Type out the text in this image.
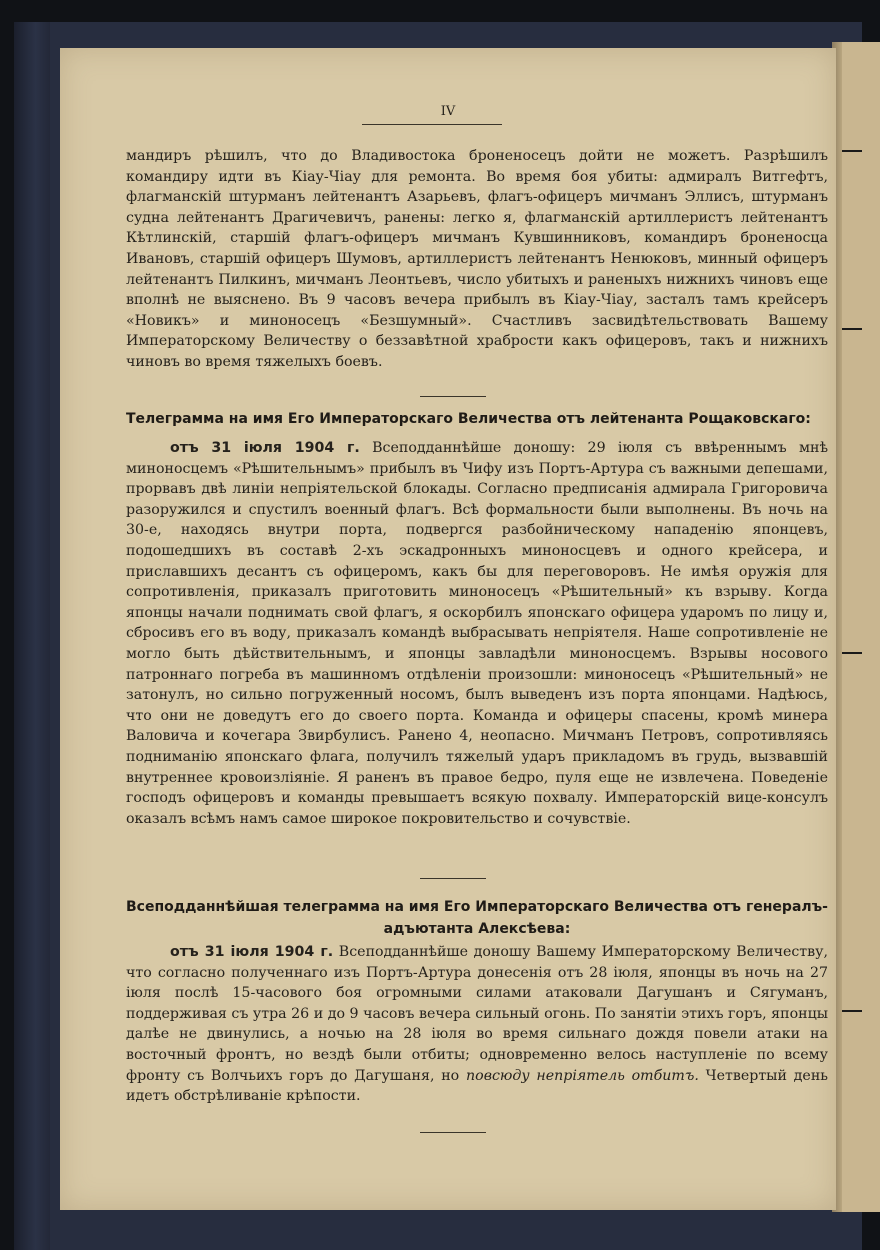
IV

мандиръ рѣшилъ, что до Владивостока броненосецъ дойти не можетъ. Разрѣшилъ командиру идти въ Кіау-Чіау для ремонта. Во время боя убиты: адмиралъ Витгефтъ, флагманскій штурманъ лейтенантъ Азарьевъ, флагъ-офицеръ мичманъ Эллисъ, штурманъ судна лейтенантъ Драгичевичъ, ранены: легко я, флагманскій артиллеристъ лейтенантъ Кѣтлинскій, старшій флагъ-офицеръ мичманъ Кувшинниковъ, командиръ броненосца Ивановъ, старшій офицеръ Шумовъ, артиллеристъ лейтенантъ Ненюковъ, минный офицеръ лейтенантъ Пилкинъ, мичманъ Леонтьевъ, число убитыхъ и раненыхъ нижнихъ чиновъ еще вполнѣ не выяснено. Въ 9 часовъ вечера прибылъ въ Кіау-Чіау, засталъ тамъ крейсеръ «Новикъ» и миноносецъ «Безшумный». Счастливъ засвидѣтельствовать Вашему Императорскому Величеству о беззавѣтной храбрости какъ офицеровъ, такъ и нижнихъ чиновъ во время тяжелыхъ боевъ.

Телеграмма на имя Его Императорскаго Величества отъ лейтенанта Рощаковскаго:

отъ 31 іюля 1904 г. Всеподданнѣйше доношу: 29 іюля съ ввѣреннымъ мнѣ миноносцемъ «Рѣшительнымъ» прибылъ въ Чифу изъ Портъ-Артура съ важными депешами, прорвавъ двѣ линіи непріятельской блокады. Согласно предписанія адмирала Григоровича разоружился и спустилъ военный флагъ. Всѣ формальности были выполнены. Въ ночь на 30-е, находясь внутри порта, подвергся разбойническому нападенію японцевъ, подошедшихъ въ составѣ 2-хъ эскадронныхъ миноносцевъ и одного крейсера, и приславшихъ десантъ съ офицеромъ, какъ бы для переговоровъ. Не имѣя оружія для сопротивленія, приказалъ приготовить миноносецъ «Рѣшительный» къ взрыву. Когда японцы начали поднимать свой флагъ, я оскорбилъ японскаго офицера ударомъ по лицу и, сбросивъ его въ воду, приказалъ командѣ выбрасывать непріятеля. Наше сопротивленіе не могло быть дѣйствительнымъ, и японцы завладѣли миноносцемъ. Взрывы носового патроннаго погреба въ машинномъ отдѣленіи произошли: миноносецъ «Рѣшительный» не затонулъ, но сильно погруженный носомъ, былъ выведенъ изъ порта японцами. Надѣюсь, что они не доведутъ его до своего порта. Команда и офицеры спасены, кромѣ минера Валовича и кочегара Звирбулисъ. Ранено 4, неопасно. Мичманъ Петровъ, сопротивляясь подниманію японскаго флага, получилъ тяжелый ударъ прикладомъ въ грудь, вызвавшій внутреннее кровоизліяніе. Я раненъ въ правое бедро, пуля еще не извлечена. Поведеніе господъ офицеровъ и команды превышаетъ всякую похвалу. Императорскій вице-консулъ оказалъ всѣмъ намъ самое широкое покровительство и сочувствіе.

Всеподданнѣйшая телеграмма на имя Его Императорскаго Величества отъ генералъ-адъютанта Алексѣева:

отъ 31 іюля 1904 г. Всеподданнѣйше доношу Вашему Императорскому Величеству, что согласно полученнаго изъ Портъ-Артура донесенія отъ 28 іюля, японцы въ ночь на 27 іюля послѣ 15-часового боя огромными силами атаковали Дагушанъ и Сягуманъ, поддерживая съ утра 26 и до 9 часовъ вечера сильный огонь. По занятіи этихъ горъ, японцы далѣе не двинулись, а ночью на 28 іюля во время сильнаго дождя повели атаки на восточный фронтъ, но вездѣ были отбиты; одновременно велось наступленіе по всему фронту съ Волчьихъ горъ до Дагушаня, но повсюду непріятель отбитъ. Четвертый день идетъ обстрѣливаніе крѣпости.
